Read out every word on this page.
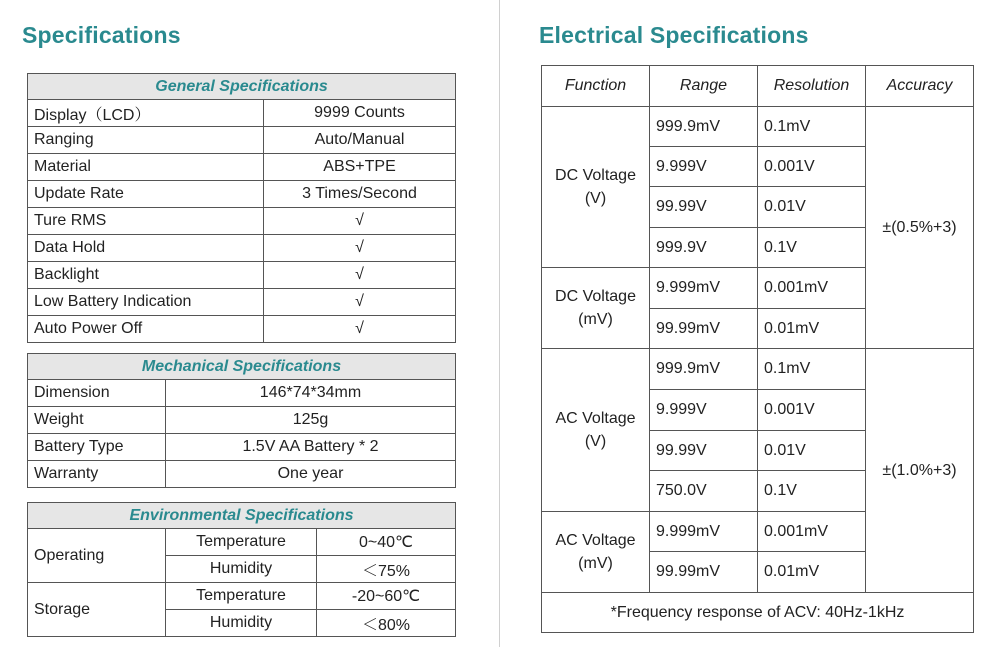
Specifications	Electrical Specifications
General Specifications	
Display（LCD）	9999 Counts
Ranging	Auto/Manual
Material	ABS+TPE
Update Rate	3 Times/Second
Ture RMS	√
Data Hold	√
Backlight	√
Low Battery Indication	√
Auto Power Off	√
Mechanical Specifications	
Dimension	146*74*34mm
Weight	125g
Battery Type	1.5V AA Battery * 2
Warranty	One year
Environmental Specifications		
Operating	Temperature	0~40℃
	Humidity	＜75%
Storage	Temperature	-20~60℃
	Humidity	＜80%
Function	Range	Resolution	Accuracy
DC Voltage
(V)	999.9mV	0.1mV	±(0.5%+3)
	9.999V	0.001V	
	99.99V	0.01V	
	999.9V	0.1V	
DC Voltage
(mV)	9.999mV	0.001mV	
	99.99mV	0.01mV	
AC Voltage
(V)	999.9mV	0.1mV	±(1.0%+3)
	9.999V	0.001V	
	99.99V	0.01V	
	750.0V	0.1V	
AC Voltage
(mV)	9.999mV	0.001mV	
	99.99mV	0.01mV	
*Frequency response of ACV: 40Hz-1kHz			
